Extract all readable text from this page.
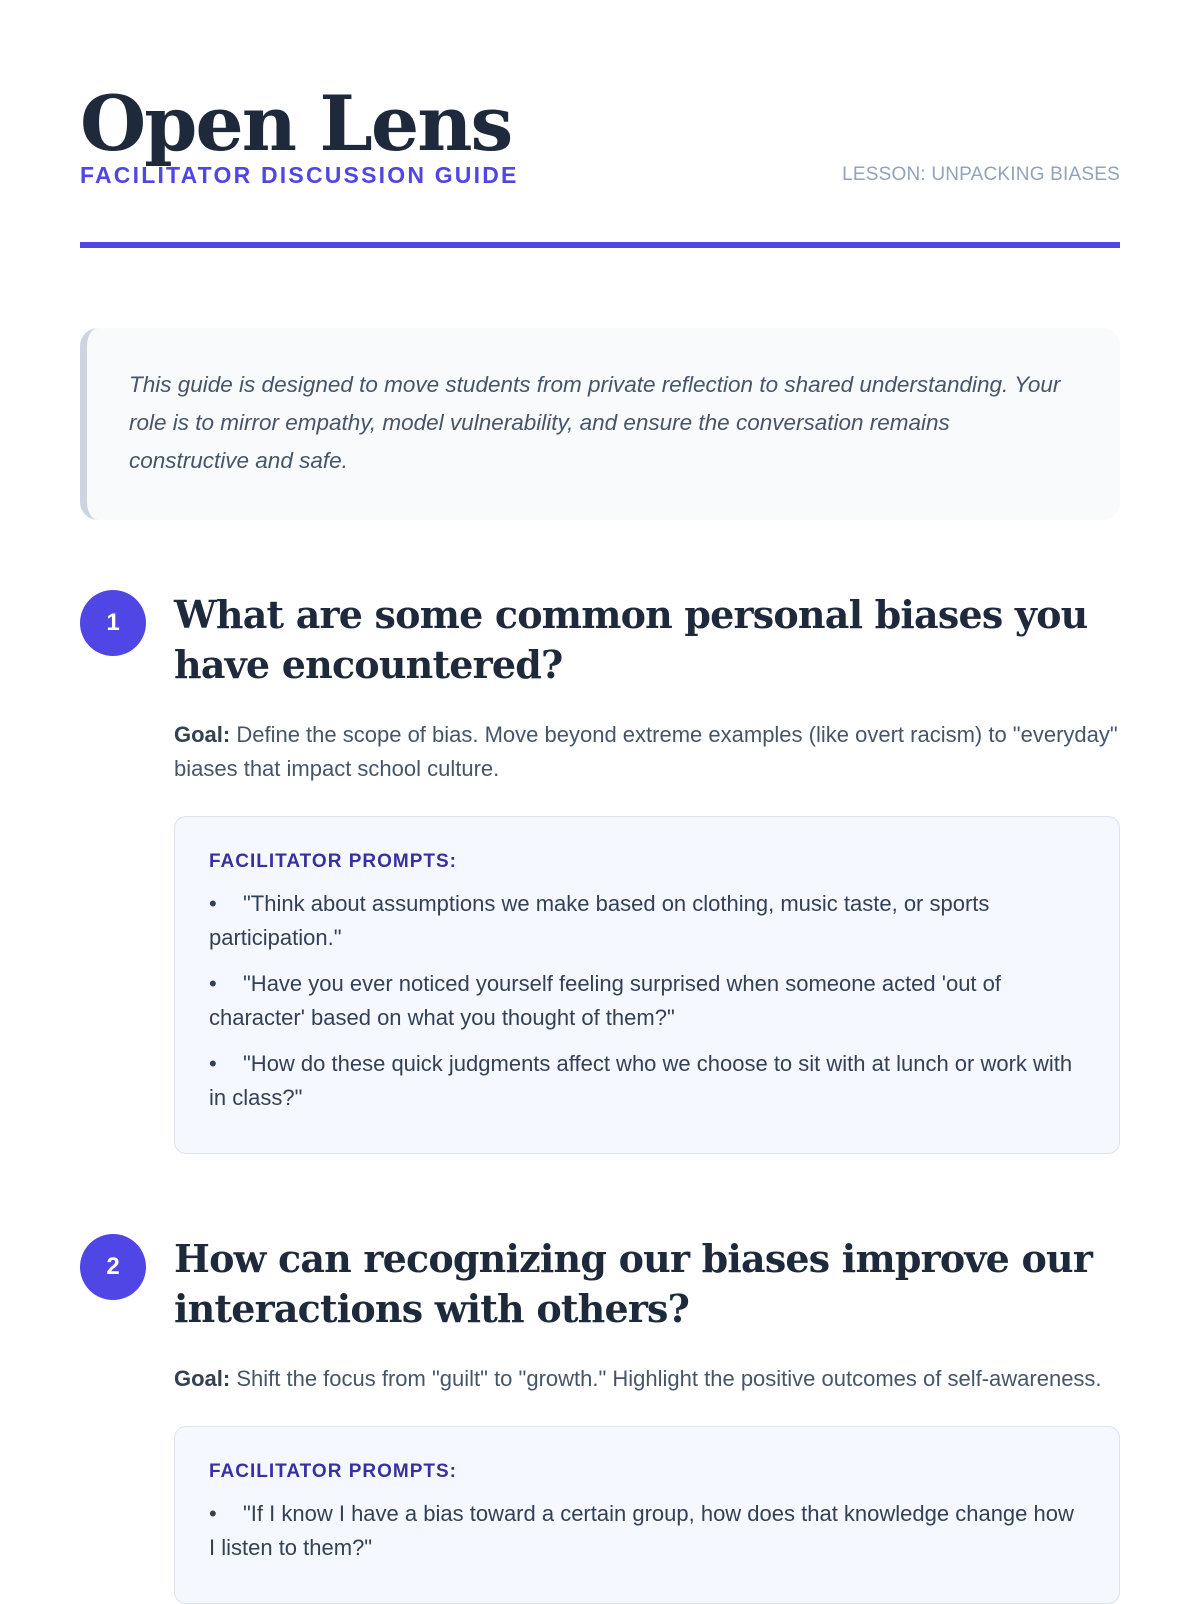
Open Lens
FACILITATOR DISCUSSION GUIDE	LESSON: UNPACKING BIASES
This guide is designed to move students from private reflection to shared understanding. Your role is to mirror empathy, model vulnerability, and ensure the conversation remains constructive and safe.
1	What are some common personal biases you have encountered?
Goal: Define the scope of bias. Move beyond extreme examples (like overt racism) to "everyday" biases that impact school culture.
FACILITATOR PROMPTS:
• "Think about assumptions we make based on clothing, music taste, or sports participation."
• "Have you ever noticed yourself feeling surprised when someone acted 'out of character' based on what you thought of them?"
• "How do these quick judgments affect who we choose to sit with at lunch or work with in class?"
2	How can recognizing our biases improve our interactions with others?
Goal: Shift the focus from "guilt" to "growth." Highlight the positive outcomes of self-awareness.
FACILITATOR PROMPTS:
• "If I know I have a bias toward a certain group, how does that knowledge change how I listen to them?"
